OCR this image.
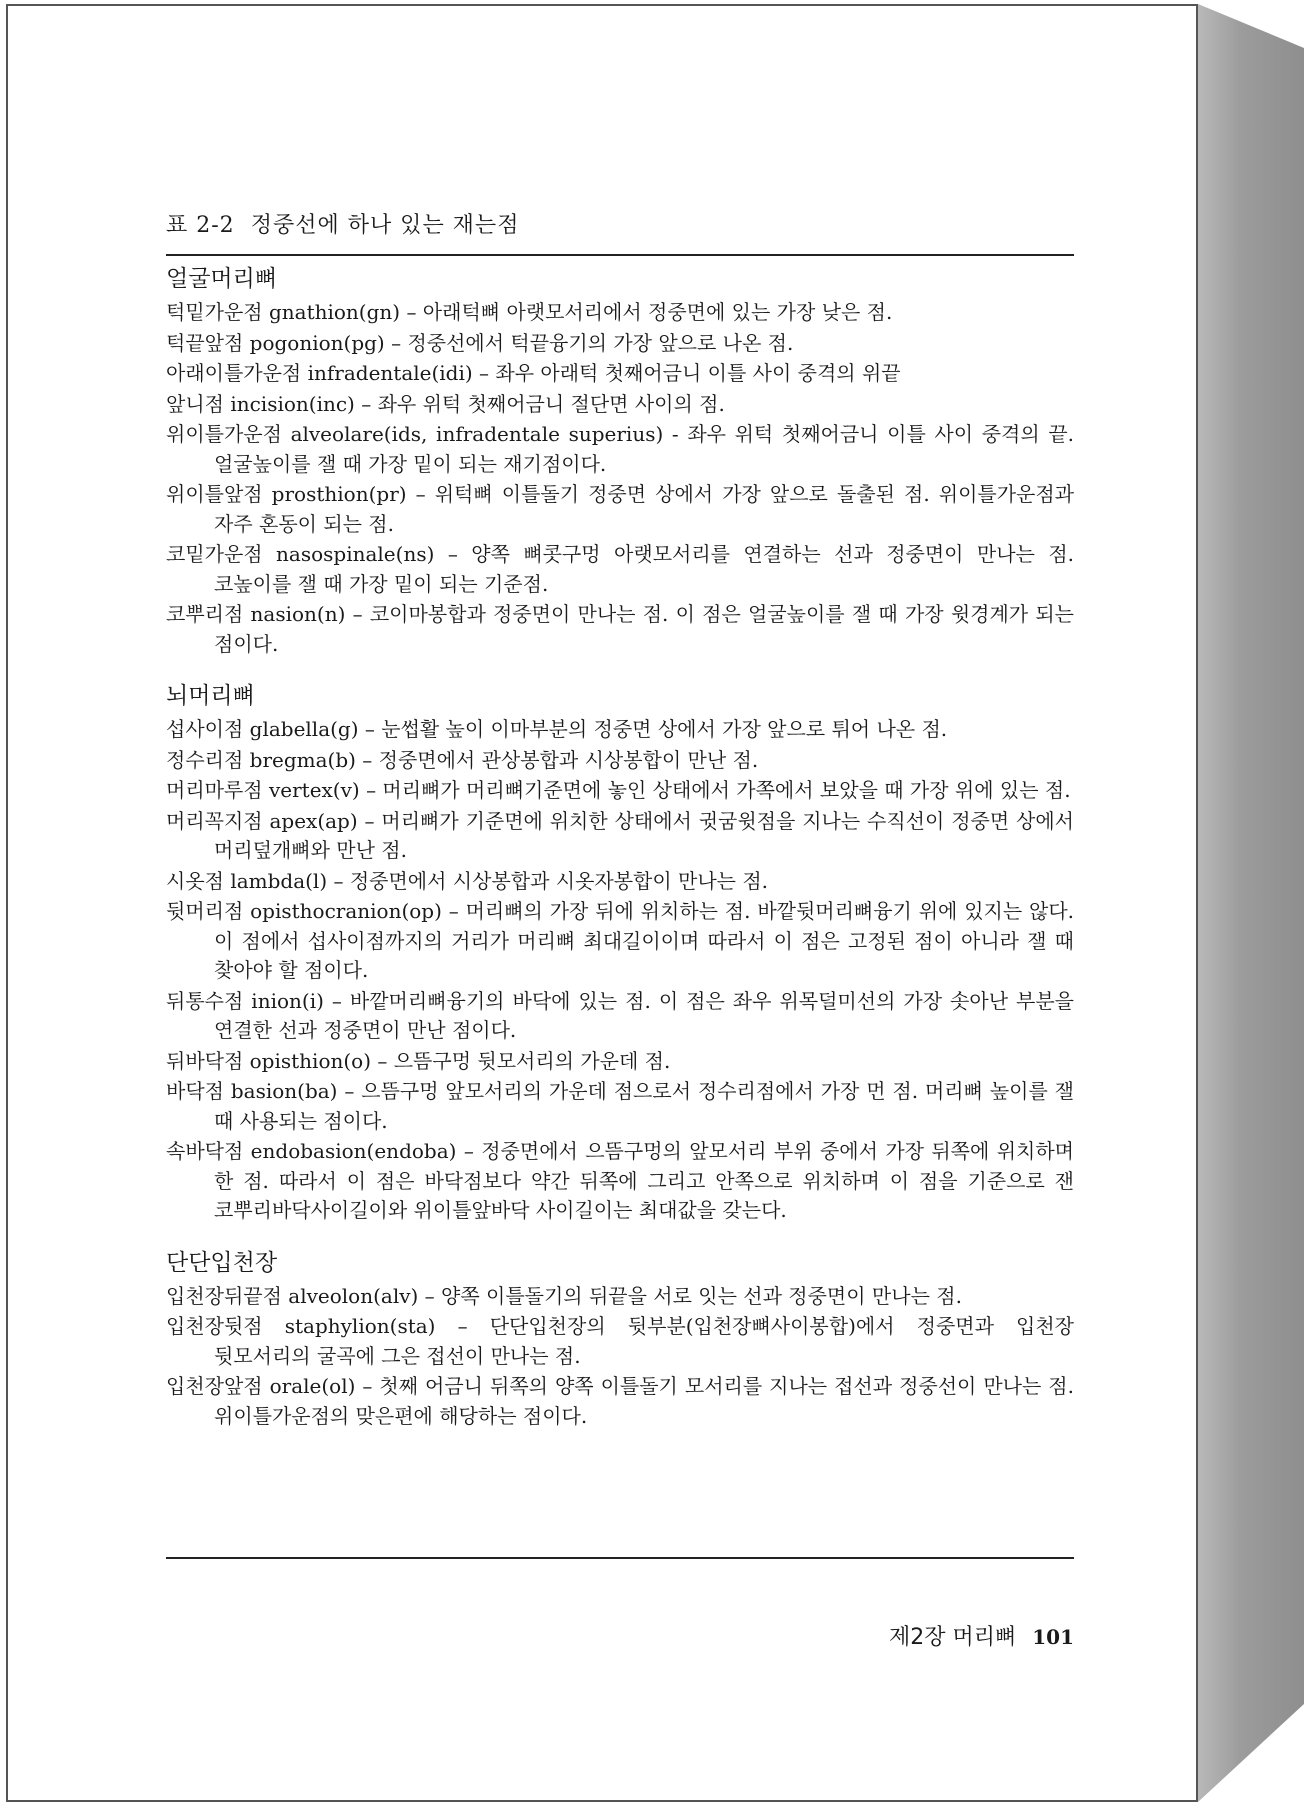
표 2-2 정중선에 하나 있는 재는점
얼굴머리뼈

턱밑가운점 gnathion(gn) – 아래턱뼈 아랫모서리에서 정중면에 있는 가장 낮은 점.

턱끝앞점 pogonion(pg) – 정중선에서 턱끝융기의 가장 앞으로 나온 점.

아래이틀가운점 infradentale(idi) – 좌우 아래턱 첫째어금니 이틀 사이 중격의 위끝

앞니점 incision(inc) – 좌우 위턱 첫째어금니 절단면 사이의 점.

위이틀가운점 alveolare(ids, infradentale superius) - 좌우 위턱 첫째어금니 이틀 사이 중격의 끝. 얼굴높이를 잴 때 가장 밑이 되는 재기점이다.

위이틀앞점 prosthion(pr) – 위턱뼈 이틀돌기 정중면 상에서 가장 앞으로 돌출된 점. 위이틀가운점과 자주 혼동이 되는 점.

코밑가운점 nasospinale(ns) – 양쪽 뼈콧구멍 아랫모서리를 연결하는 선과 정중면이 만나는 점. 코높이를 잴 때 가장 밑이 되는 기준점.

코뿌리점 nasion(n) – 코이마봉합과 정중면이 만나는 점. 이 점은 얼굴높이를 잴 때 가장 윗경계가 되는 점이다.

뇌머리뼈

섭사이점 glabella(g) – 눈썹활 높이 이마부분의 정중면 상에서 가장 앞으로 튀어 나온 점.

정수리점 bregma(b) – 정중면에서 관상봉합과 시상봉합이 만난 점.

머리마루점 vertex(v) – 머리뼈가 머리뼈기준면에 놓인 상태에서 가쪽에서 보았을 때 가장 위에 있는 점.

머리꼭지점 apex(ap) – 머리뼈가 기준면에 위치한 상태에서 귓굼윗점을 지나는 수직선이 정중면 상에서 머리덮개뼈와 만난 점.

시옷점 lambda(l) – 정중면에서 시상봉합과 시옷자봉합이 만나는 점.

뒷머리점 opisthocranion(op) – 머리뼈의 가장 뒤에 위치하는 점. 바깥뒷머리뼈융기 위에 있지는 않다. 이 점에서 섭사이점까지의 거리가 머리뼈 최대길이이며 따라서 이 점은 고정된 점이 아니라 잴 때 찾아야 할 점이다.

뒤통수점 inion(i) – 바깥머리뼈융기의 바닥에 있는 점. 이 점은 좌우 위목덜미선의 가장 솟아난 부분을 연결한 선과 정중면이 만난 점이다.

뒤바닥점 opisthion(o) – 으뜸구멍 뒷모서리의 가운데 점.

바닥점 basion(ba) – 으뜸구멍 앞모서리의 가운데 점으로서 정수리점에서 가장 먼 점. 머리뼈 높이를 잴 때 사용되는 점이다.

속바닥점 endobasion(endoba) – 정중면에서 으뜸구멍의 앞모서리 부위 중에서 가장 뒤쪽에 위치하며 한 점. 따라서 이 점은 바닥점보다 약간 뒤쪽에 그리고 안쪽으로 위치하며 이 점을 기준으로 잰 코뿌리바닥사이길이와 위이틀앞바닥 사이길이는 최대값을 갖는다.

단단입천장

입천장뒤끝점 alveolon(alv) – 양쪽 이틀돌기의 뒤끝을 서로 잇는 선과 정중면이 만나는 점.

입천장뒷점 staphylion(sta) – 단단입천장의 뒷부분(입천장뼈사이봉합)에서 정중면과 입천장 뒷모서리의 굴곡에 그은 접선이 만나는 점.

입천장앞점 orale(ol) – 첫째 어금니 뒤쪽의 양쪽 이틀돌기 모서리를 지나는 접선과 정중선이 만나는 점. 위이틀가운점의 맞은편에 해당하는 점이다.

제2장 머리뼈 101
